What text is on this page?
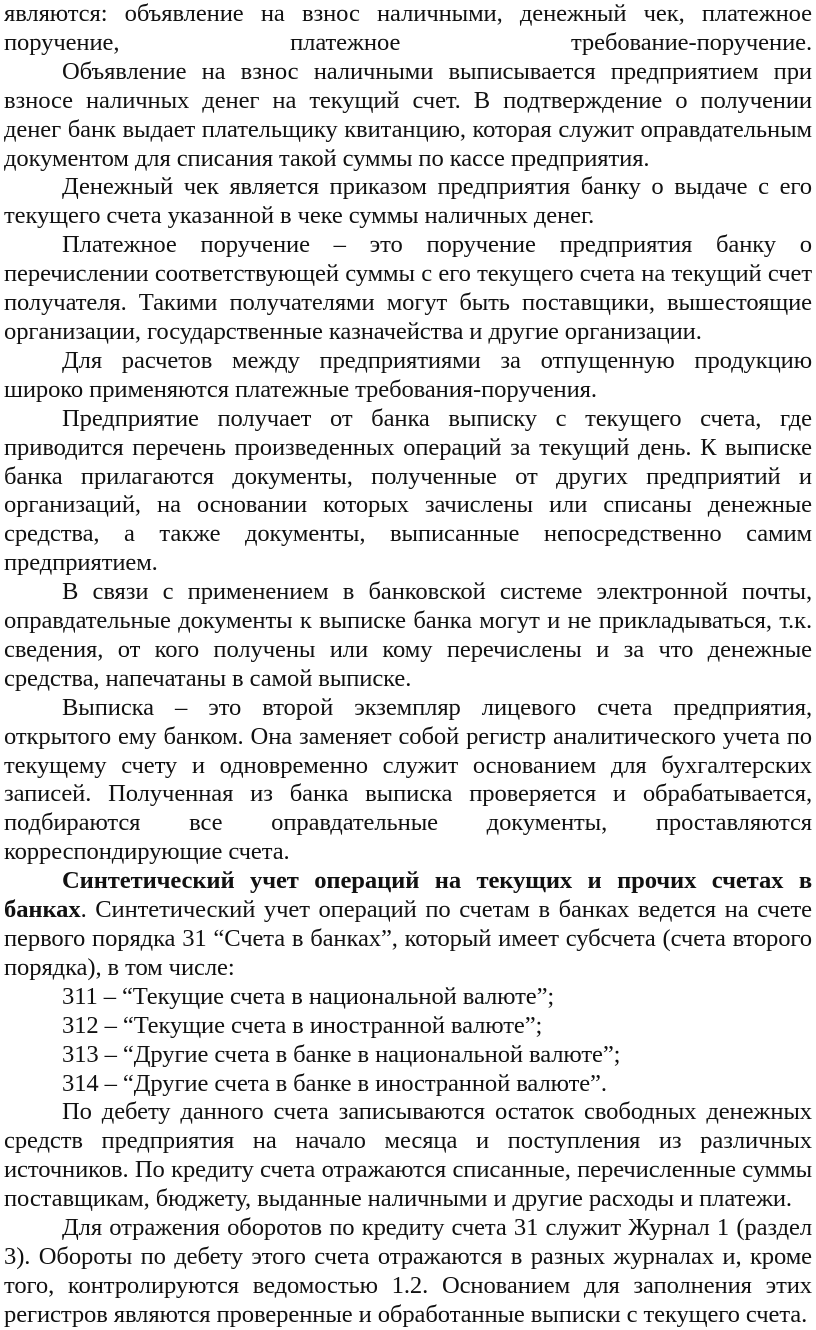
являются: объявление на взнос наличными, денежный чек, платежное
поручение, платежное требование-поручение.

Объявление на взнос наличными выписывается предприятием при взносе наличных денег на текущий счет. В подтверждение о получении денег банк выдает плательщику квитанцию, которая служит оправдательным документом для списания такой суммы по кассе предприятия.

Денежный чек является приказом предприятия банку о выдаче с его текущего счета указанной в чеке суммы наличных денег.

Платежное поручение – это поручение предприятия банку о перечислении соответствующей суммы с его текущего счета на текущий счет получателя. Такими получателями могут быть поставщики, вышестоящие организации, государственные казначейства и другие организации.

Для расчетов между предприятиями за отпущенную продукцию широко применяются платежные требования-поручения.

Предприятие получает от банка выписку с текущего счета, где приводится перечень произведенных операций за текущий день. К выписке банка прилагаются документы, полученные от других предприятий и организаций, на основании которых зачислены или списаны денежные средства, а также документы, выписанные непосредственно самим предприятием.

В связи с применением в банковской системе электронной почты, оправдательные документы к выписке банка могут и не прикладываться, т.к. сведения, от кого получены или кому перечислены и за что денежные средства, напечатаны в самой выписке.

Выписка – это второй экземпляр лицевого счета предприятия, открытого ему банком. Она заменяет собой регистр аналитического учета по текущему счету и одновременно служит основанием для бухгалтерских записей. Полученная из банка выписка проверяется и обрабатывается, подбираются все оправдательные документы, проставляются корреспондирующие счета.

Синтетический учет операций на текущих и прочих счетах в банках. Синтетический учет операций по счетам в банках ведется на счете первого порядка 31 “Счета в банках”, который имеет субсчета (счета второго порядка), в том числе:

311 – “Текущие счета в национальной валюте”;

312 – “Текущие счета в иностранной валюте”;

313 – “Другие счета в банке в национальной валюте”;

314 – “Другие счета в банке в иностранной валюте”.

По дебету данного счета записываются остаток свободных денежных средств предприятия на начало месяца и поступления из различных источников. По кредиту счета отражаются списанные, перечисленные суммы поставщикам, бюджету, выданные наличными и другие расходы и платежи.

Для отражения оборотов по кредиту счета 31 служит Журнал 1 (раздел 3). Обороты по дебету этого счета отражаются в разных журналах и, кроме того, контролируются ведомостью 1.2. Основанием для заполнения этих регистров являются проверенные и обработанные выписки с текущего счета.
